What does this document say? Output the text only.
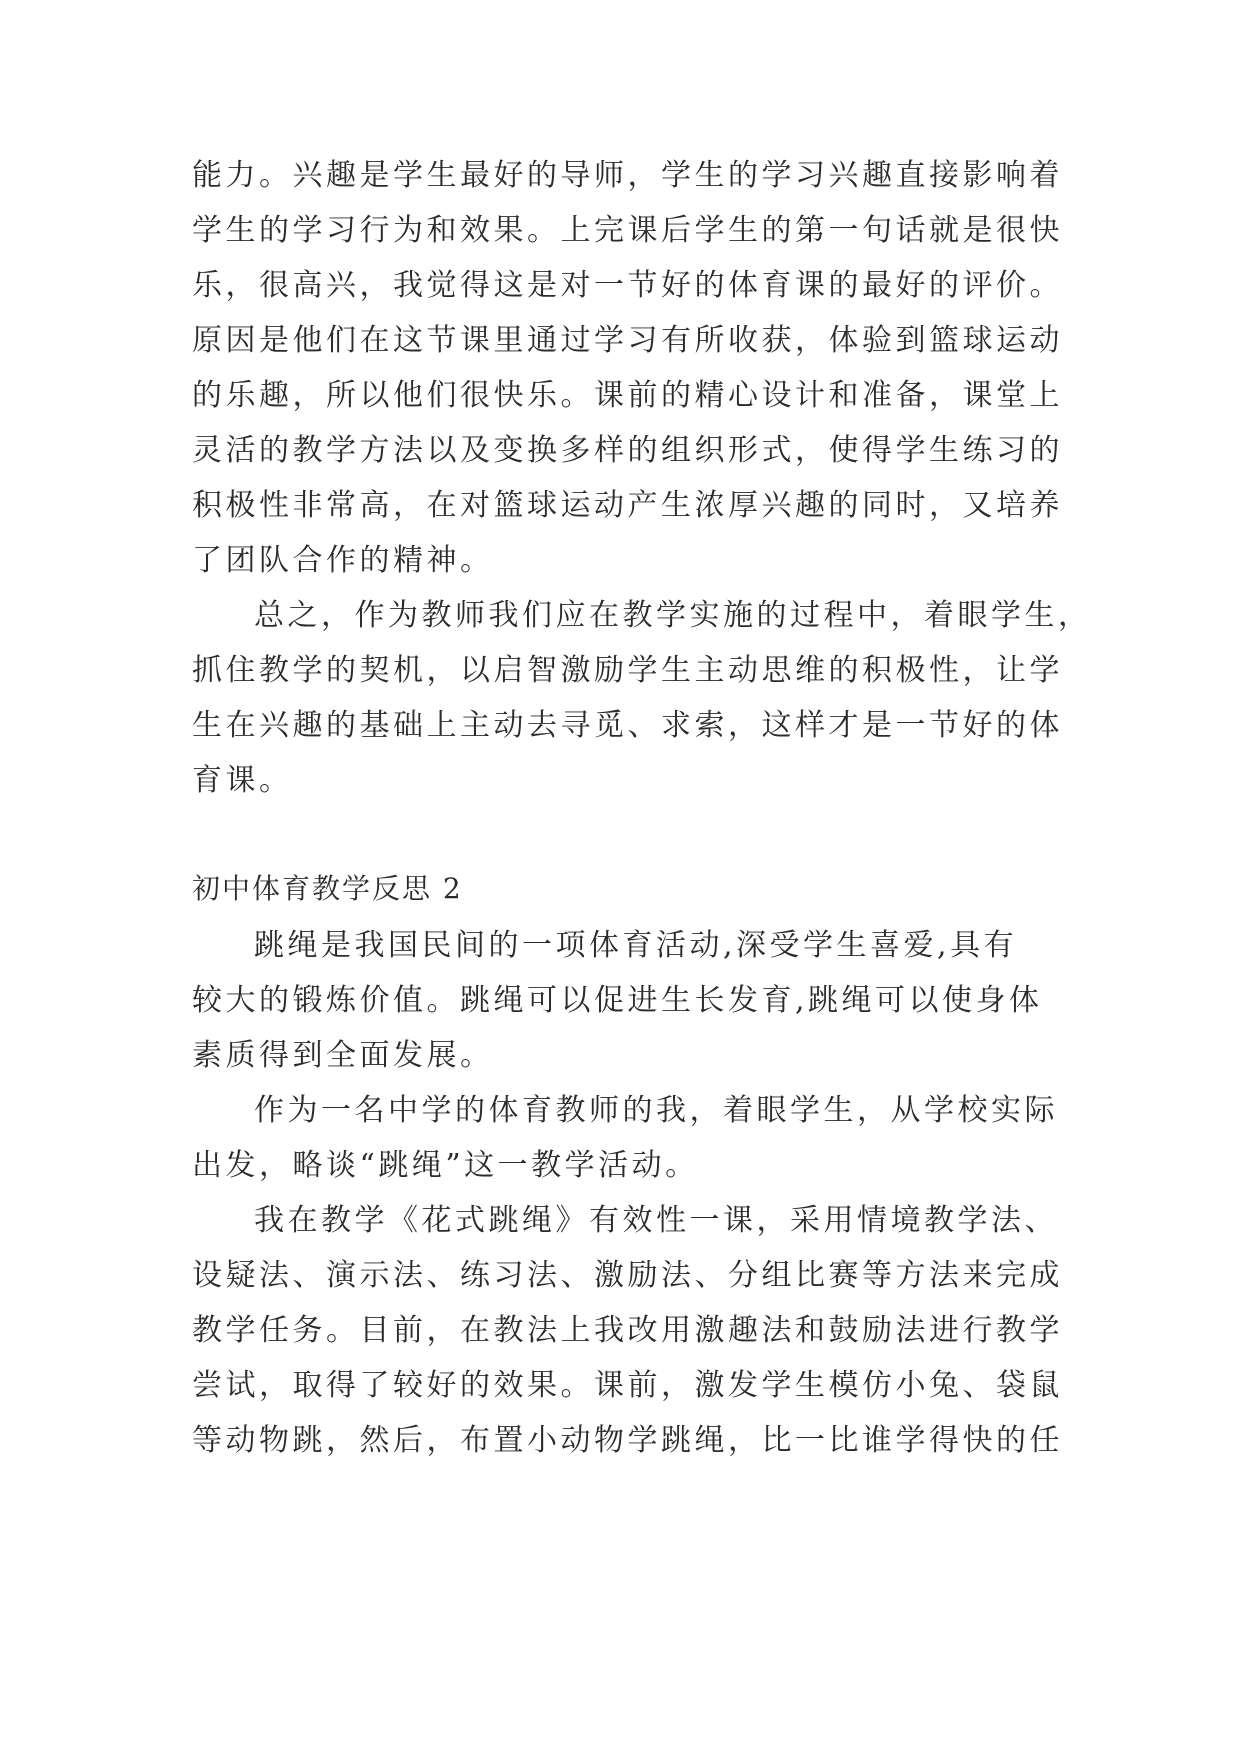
能力。兴趣是学生最好的导师，学生的学习兴趣直接影响着
学生的学习行为和效果。上完课后学生的第一句话就是很快
乐，很高兴，我觉得这是对一节好的体育课的最好的评价。
原因是他们在这节课里通过学习有所收获，体验到篮球运动
的乐趣，所以他们很快乐。课前的精心设计和准备，课堂上
灵活的教学方法以及变换多样的组织形式，使得学生练习的
积极性非常高，在对篮球运动产生浓厚兴趣的同时，又培养
了团队合作的精神。
总之，作为教师我们应在教学实施的过程中，着眼学生，
抓住教学的契机，以启智激励学生主动思维的积极性，让学
生在兴趣的基础上主动去寻觅、求索，这样才是一节好的体
育课。
初中体育教学反思 2
跳绳是我国民间的一项体育活动,深受学生喜爱,具有
较大的锻炼价值。跳绳可以促进生长发育,跳绳可以使身体
素质得到全面发展。
作为一名中学的体育教师的我，着眼学生，从学校实际
出发，略谈“跳绳”这一教学活动。
我在教学《花式跳绳》有效性一课，采用情境教学法、
设疑法、演示法、练习法、激励法、分组比赛等方法来完成
教学任务。目前，在教法上我改用激趣法和鼓励法进行教学
尝试，取得了较好的效果。课前，激发学生模仿小兔、袋鼠
等动物跳，然后，布置小动物学跳绳，比一比谁学得快的任
